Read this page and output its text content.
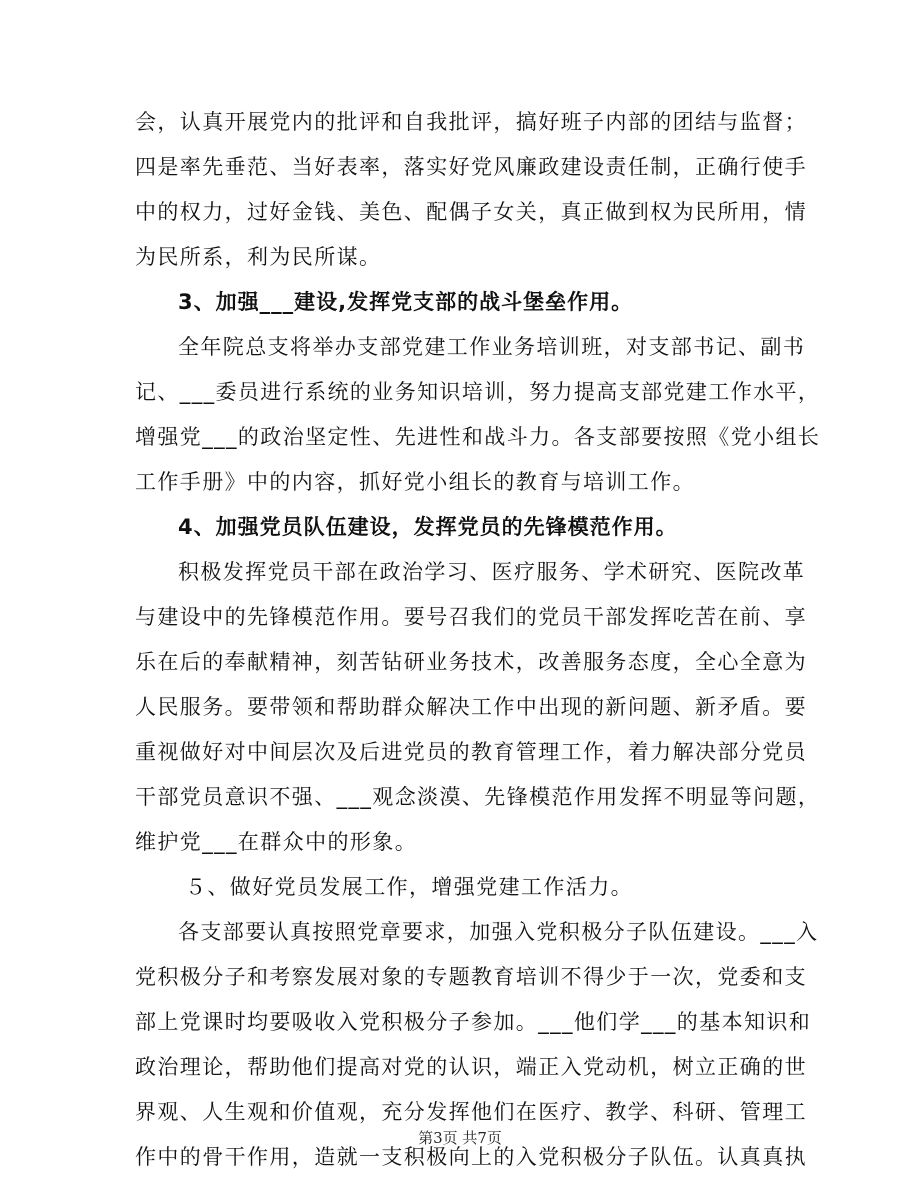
会，认真开展党内的批评和自我批评，搞好班子内部的团结与监督；
四是率先垂范、当好表率，落实好党风廉政建设责任制，正确行使手
中的权力，过好金钱、美色、配偶子女关，真正做到权为民所用，情
为民所系，利为民所谋。
3、加强___建设,发挥党支部的战斗堡垒作用。
全年院总支将举办支部党建工作业务培训班，对支部书记、副书
记、___委员进行系统的业务知识培训，努力提高支部党建工作水平，
增强党___的政治坚定性、先进性和战斗力。各支部要按照《党小组长
工作手册》中的内容，抓好党小组长的教育与培训工作。
4、加强党员队伍建设，发挥党员的先锋模范作用。
积极发挥党员干部在政治学习、医疗服务、学术研究、医院改革
与建设中的先锋模范作用。要号召我们的党员干部发挥吃苦在前、享
乐在后的奉献精神，刻苦钻研业务技术，改善服务态度，全心全意为
人民服务。要带领和帮助群众解决工作中出现的新问题、新矛盾。要
重视做好对中间层次及后进党员的教育管理工作，着力解决部分党员
干部党员意识不强、___观念淡漠、先锋模范作用发挥不明显等问题，
维护党___在群众中的形象。
５、做好党员发展工作，增强党建工作活力。
各支部要认真按照党章要求，加强入党积极分子队伍建设。___入
党积极分子和考察发展对象的专题教育培训不得少于一次，党委和支
部上党课时均要吸收入党积极分子参加。___他们学___的基本知识和
政治理论，帮助他们提高对党的认识，端正入党动机，树立正确的世
界观、人生观和价值观，充分发挥他们在医疗、教学、科研、管理工
作中的骨干作用，造就一支积极向上的入党积极分子队伍。认真真执
第3页 共7页
